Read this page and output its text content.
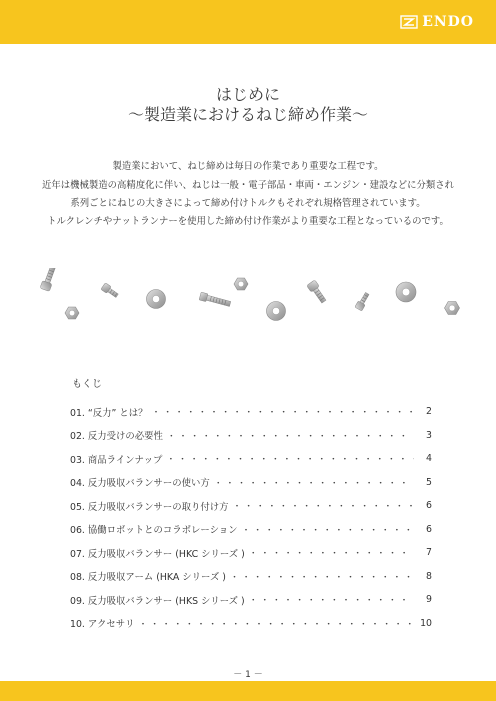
ENDO
はじめに
～製造業におけるねじ締め作業～
製造業において、ねじ締めは毎日の作業であり重要な工程です。
近年は機械製造の高精度化に伴い、ねじは一般・電子部品・車両・エンジン・建設などに分類され
系列ごとにねじの大きさによって締め付けトルクもそれぞれ規格管理されています。
トルクレンチやナットランナーを使用した締め付け作業がより重要な工程となっているのです。
もくじ
01. “反力” とは？ ・・・・・・・・・・・・・・・・・・・・・・・・・・・・・・・・・・・・・・・・・・・・	2
02. 反力受けの必要性 ・・・・・・・・・・・・・・・・・・・・・・・・・・・・・・・・・・・・・・・・・・・・	3
03. 商品ラインナップ ・・・・・・・・・・・・・・・・・・・・・・・・・・・・・・・・・・・・・・・・・・・・	4
04. 反力吸収バランサーの使い方 ・・・・・・・・・・・・・・・・・・・・・・・・・・・・・・・・・・・・・・・・・・・・	5
05. 反力吸収バランサーの取り付け方 ・・・・・・・・・・・・・・・・・・・・・・・・・・・・・・・・・・・・・・・・・・・・	6
06. 協働ロボットとのコラボレーション ・・・・・・・・・・・・・・・・・・・・・・・・・・・・・・・・・・・・・・・・・・・・	6
07. 反力吸収バランサー (HKC シリーズ ) ・・・・・・・・・・・・・・・・・・・・・・・・・・・・・・・・・・・・・・・・・・・・	7
08. 反力吸収アーム (HKA シリーズ ) ・・・・・・・・・・・・・・・・・・・・・・・・・・・・・・・・・・・・・・・・・・・・	8
09. 反力吸収バランサー (HKS シリーズ ) ・・・・・・・・・・・・・・・・・・・・・・・・・・・・・・・・・・・・・・・・・・・・	9
10. アクセサリ ・・・・・・・・・・・・・・・・・・・・・・・・・・・・・・・・・・・・・・・・・・・・	10
－ 1 －
